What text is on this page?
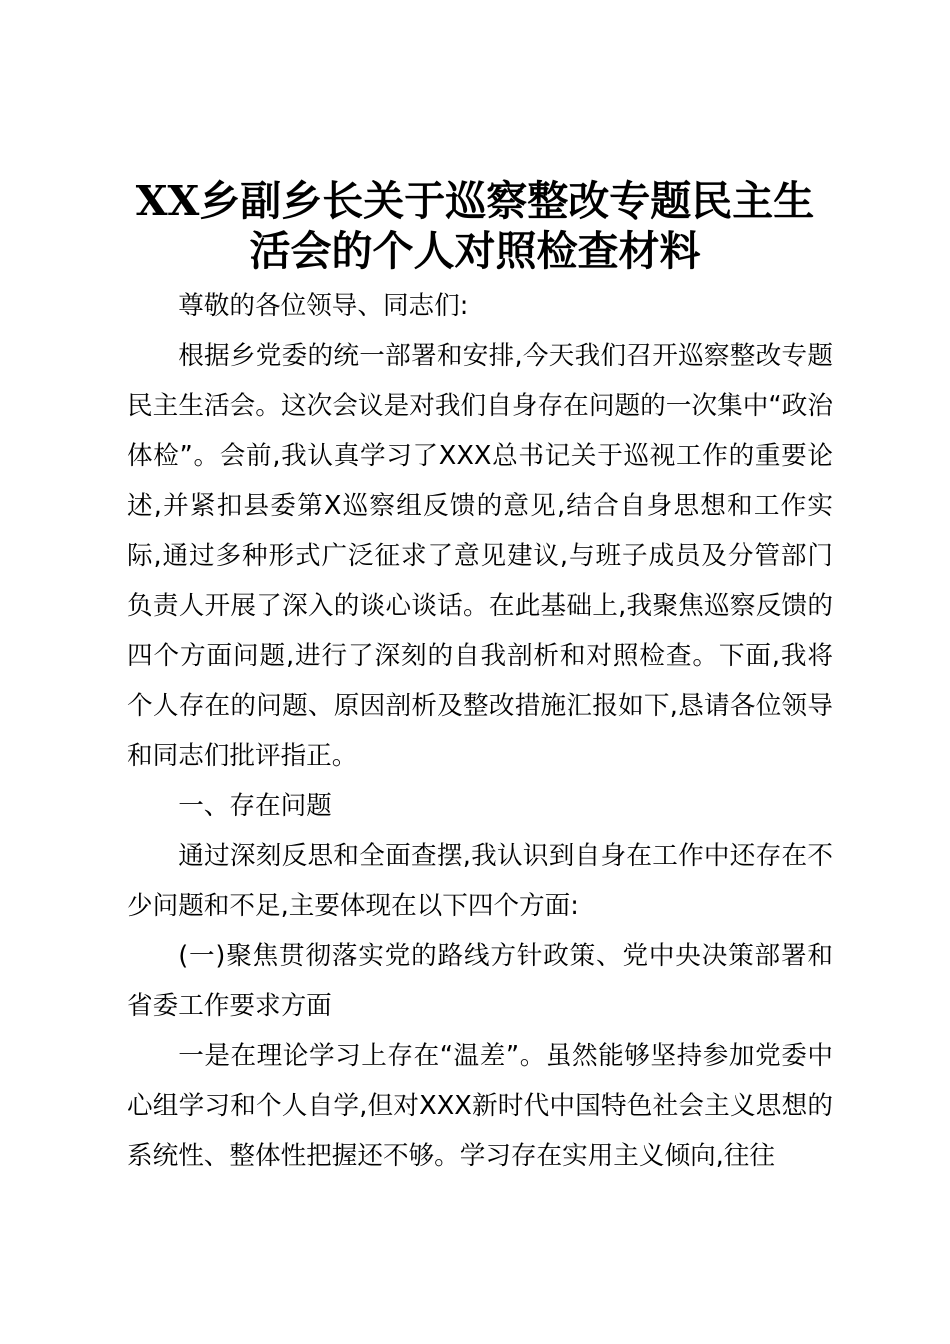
XX乡副乡长关于巡察整改专题民主生活会的个人对照检查材料

尊敬的各位领导、同志们:

根据乡党委的统一部署和安排,今天我们召开巡察整改专题民主生活会。这次会议是对我们自身存在问题的一次集中“政治体检”。会前,我认真学习了XXX总书记关于巡视工作的重要论述,并紧扣县委第X巡察组反馈的意见,结合自身思想和工作实际,通过多种形式广泛征求了意见建议,与班子成员及分管部门负责人开展了深入的谈心谈话。在此基础上,我聚焦巡察反馈的四个方面问题,进行了深刻的自我剖析和对照检查。下面,我将个人存在的问题、原因剖析及整改措施汇报如下,恳请各位领导和同志们批评指正。

一、存在问题

通过深刻反思和全面查摆,我认识到自身在工作中还存在不少问题和不足,主要体现在以下四个方面:

(一)聚焦贯彻落实党的路线方针政策、党中央决策部署和省委工作要求方面

一是在理论学习上存在“温差”。虽然能够坚持参加党委中心组学习和个人自学,但对XXX新时代中国特色社会主义思想的系统性、整体性把握还不够。学习存在实用主义倾向,往往
